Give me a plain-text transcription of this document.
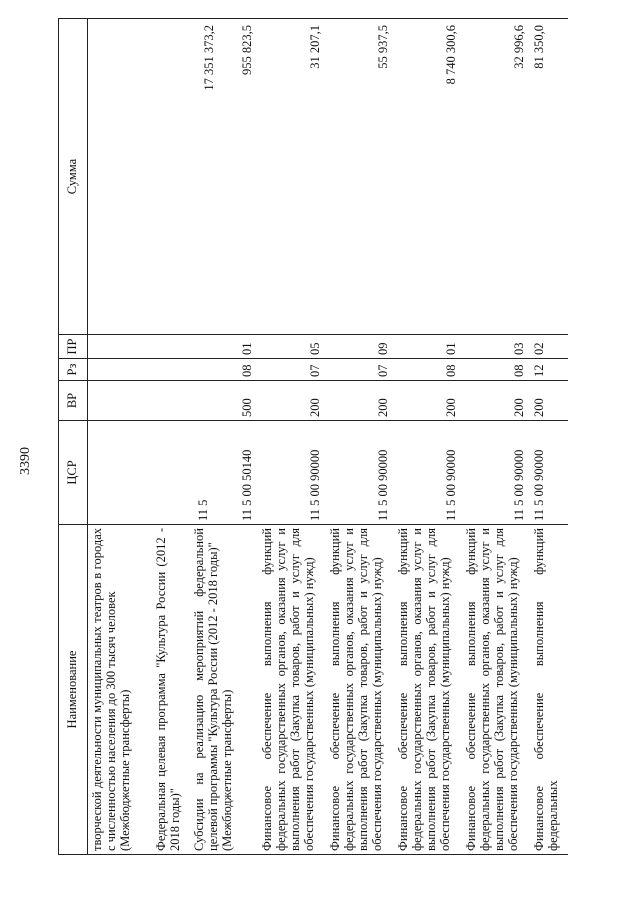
3390
Наименование	ЦСР	ВР	Рз	ПР	Сумма

творческой деятельности муниципальных театров в городах с численностью населения до 300 тысяч человек (Межбюджетные трансферты)					

Федеральная целевая программа "Культура России (2012 - 2018 годы)"	11 5				17 351 373,2

Субсидии на реализацию мероприятий федеральной целевой программы "Культура России (2012 - 2018 годы)" (Межбюджетные трансферты)	11 5 00 50140	500	08	01	955 823,5

Финансовое обеспечение выполнения функций федеральных государственных органов, оказания услуг и выполнения работ (Закупка товаров, работ и услуг для обеспечения государственных (муниципальных) нужд)	11 5 00 90000	200	07	05	31 207,1

Финансовое обеспечение выполнения функций федеральных государственных органов, оказания услуг и выполнения работ (Закупка товаров, работ и услуг для обеспечения государственных (муниципальных) нужд)	11 5 00 90000	200	07	09	55 937,5

Финансовое обеспечение выполнения функций федеральных государственных органов, оказания услуг и выполнения работ (Закупка товаров, работ и услуг для обеспечения государственных (муниципальных) нужд)	11 5 00 90000	200	08	01	8 740 300,6

Финансовое обеспечение выполнения функций федеральных государственных органов, оказания услуг и выполнения работ (Закупка товаров, работ и услуг для обеспечения государственных (муниципальных) нужд)	11 5 00 90000	200	08	03	32 996,6

Финансовое обеспечение выполнения функций федеральных	11 5 00 90000	200	12	02	81 350,0
